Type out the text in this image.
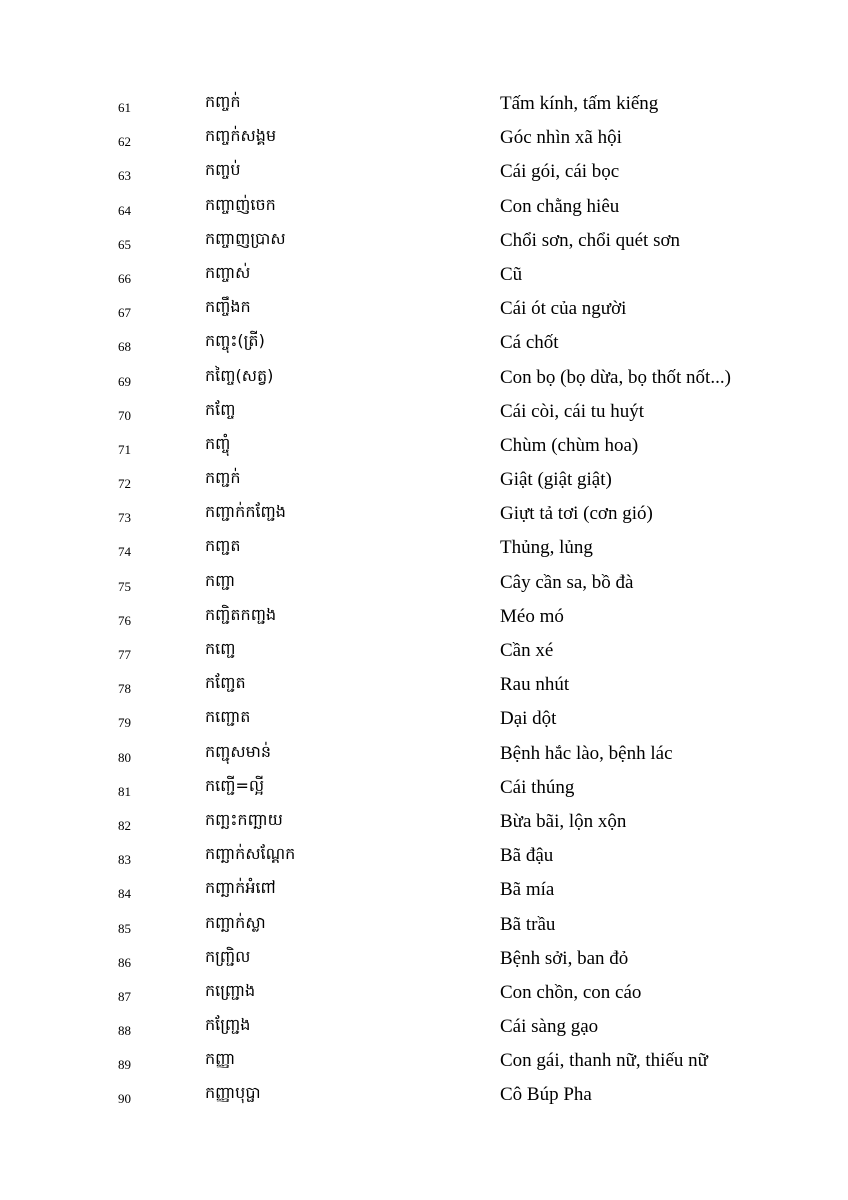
61	កញ្ចក់	Tấm kính, tấm kiếng
62	កញ្ចក់សង្គម	Góc nhìn xã hội
63	កញ្ចប់	Cái gói, cái bọc
64	កញ្ចាញ់ចេក	Con chằng hiêu
65	កញ្ចាញប្រាស	Chổi sơn, chổi quét sơn
66	កញ្ចាស់	Cũ
67	កញ្ចឹងក	Cái ót của người
68	កញ្ចុះ(ត្រី)	Cá chốt
69	កញ្ចៃ(សត្វ)	Con bọ (bọ dừa, bọ thốt nốt...)
70	កញ្ចែ	Cái còi, cái tu huýt
71	កញ្ចុំ	Chùm (chùm hoa)
72	កញ្ជក់	Giật (giật giật)
73	កញ្ជាក់កញ្ជែង	Giựt tả tơi (cơn gió)
74	កញ្ជត	Thủng, lủng
75	កញ្ជា	Cây cần sa, bồ đà
76	កញ្ជិតកញ្ជង	Méo mó
77	កញ្ជេ	Cần xé
78	កញ្ជែត	Rau nhút
79	កញ្ជោត	Dại dột
80	កញ្ជុសមាន់	Bệnh hắc lào, bệnh lác
81	កញ្ជើ=ល្អី	Cái thúng
82	កញ្ឆះកញ្ឆាយ	Bừa bãi, lộn xộn
83	កញ្ឆាក់សណ្តែក	Bã đậu
84	កញ្ឆាក់អំពៅ	Bã mía
85	កញ្ឆាក់ស្លា	Bã trầu
86	កញ្ជ្រិល	Bệnh sởi, ban đỏ
87	កញ្ជ្រោង	Con chồn, con cáo
88	កញ្ជ្រែង	Cái sàng gạo
89	កញ្ញា	Con gái, thanh nữ, thiếu nữ
90	កញ្ញាបុប្ផា	Cô Búp Pha
